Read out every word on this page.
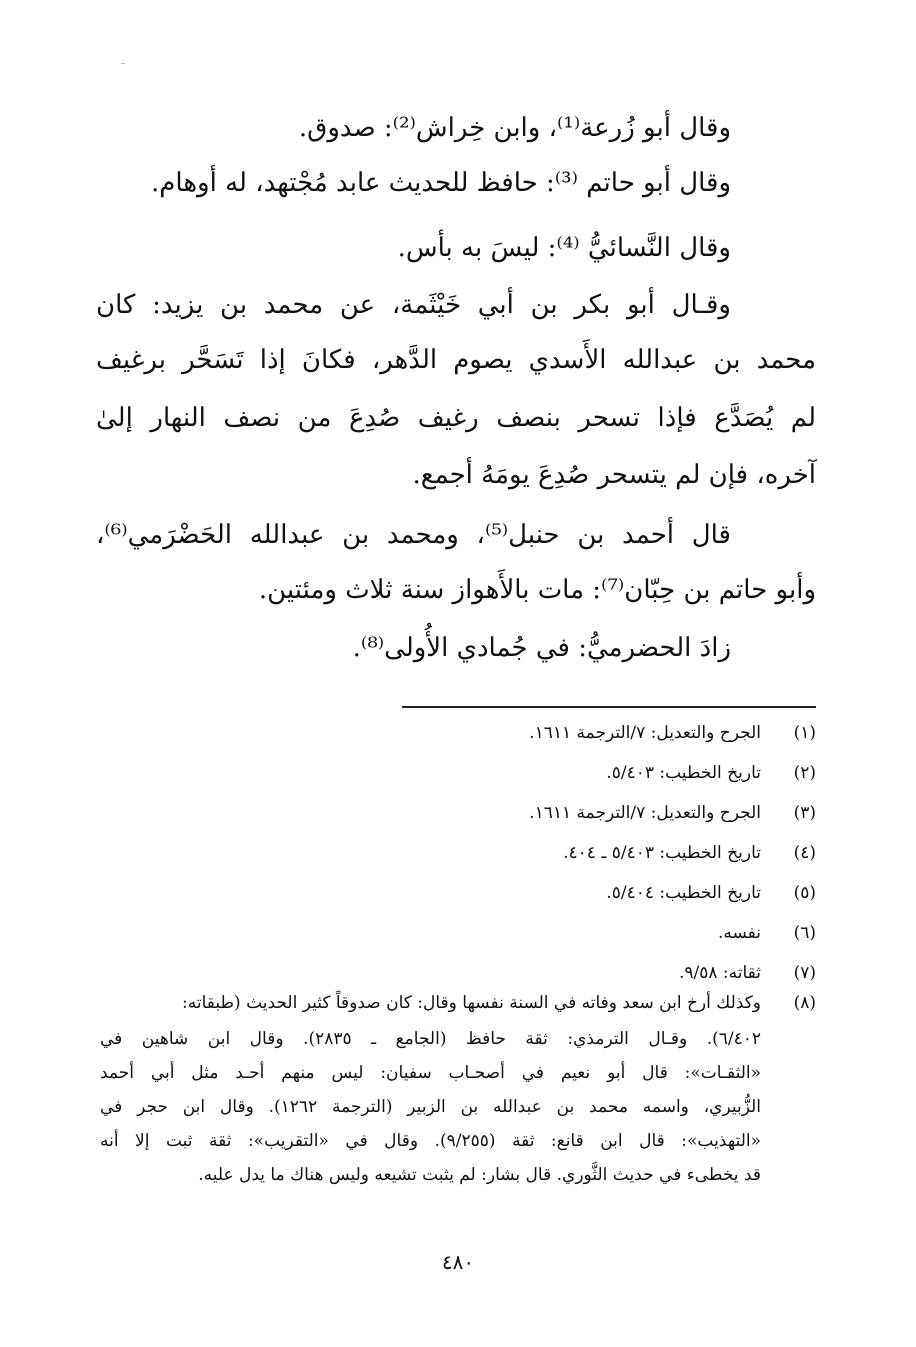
وقال أبو زُرعة⁽¹⁾، وابن خِراش⁽²⁾: صدوق.
وقال أبو حاتم ⁽³⁾: حافظ للحديث عابد مُجْتهد، له أوهام.
وقال النَّسائيُّ ⁽⁴⁾: ليسَ به بأس.
وقـال أبو بكر بن أبي خَيْثَمة، عن محمد بن يزيد: كان
محمد بن عبدالله الأَسدي يصوم الدَّهر، فكانَ إذا تَسَحَّر برغيف
لم يُصَدَّع فإذا تسحر بنصف رغيف صُدِعَ من نصف النهار إلىٰ
آخره، فإن لم يتسحر صُدِعَ يومَهُ أجمع.
قال أحمد بن حنبل⁽⁵⁾، ومحمد بن عبدالله الحَضْرَمي⁽⁶⁾،
وأبو حاتم بن حِبّان⁽⁷⁾: مات بالأَهواز سنة ثلاث ومئتين.
زادَ الحضرميُّ: في جُمادي الأُولى⁽⁸⁾.
(١)
الجرح والتعديل: ٧/الترجمة ١٦١١.
(٢)
تاريخ الخطيب: ٥/٤٠٣.
(٣)
الجرح والتعديل: ٧/الترجمة ١٦١١.
(٤)
تاريخ الخطيب: ٥/٤٠٣ ـ ٤٠٤.
(٥)
تاريخ الخطيب: ٥/٤٠٤.
(٦)
نفسه.
(٧)
ثقاته: ٩/٥٨.
(٨)
وكذلك أرخ ابن سعد وفاته في السنة نفسها وقال: كان صدوقاً كثير الحديث (طبقاته:
٦/٤٠٢). وقـال الترمذي: ثقة حافظ (الجامع ـ ٢٨٣٥). وقال ابن شاهين في
«الثقـات»: قال أبو نعيم في أصحـاب سفيان: ليس منهم أحـد مثل أبي أحمد
الزُّبيري، واسمه محمد بن عبدالله بن الزبير (الترجمة ١٢٦٢). وقال ابن حجر في
«التهذيب»: قال ابن قانع: ثقة (٩/٢٥٥). وقال في «التقريب»: ثقة ثبت إلا أنه
قد يخطىء في حديث الثَّوري. قال بشار: لم يثبت تشيعه وليس هناك ما يدل عليه.
٤٨٠
